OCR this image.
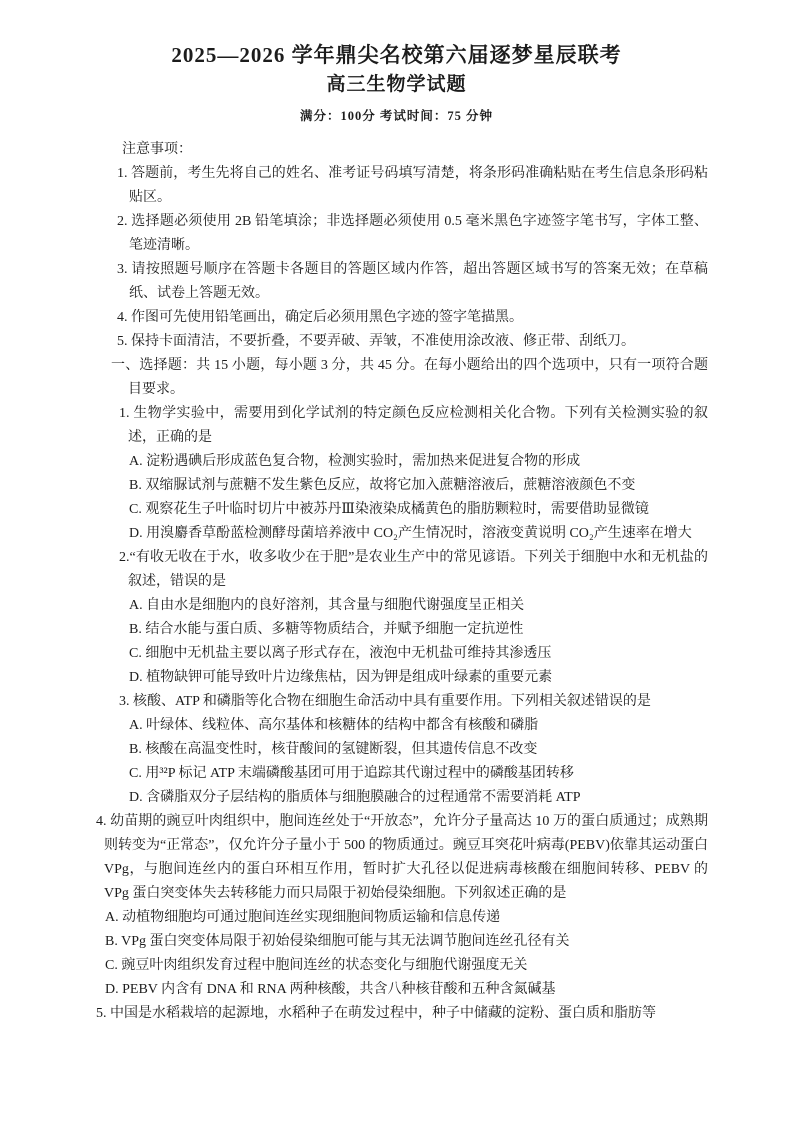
2025—2026 学年鼎尖名校第六届逐梦星辰联考
高三生物学试题
满分：100分 考试时间：75 分钟

注意事项：

1. 答题前，考生先将自己的姓名、准考证号码填写清楚，将条形码准确粘贴在考生信息条形码粘贴区。

2. 选择题必须使用 2B 铅笔填涂；非选择题必须使用 0.5 毫米黑色字迹签字笔书写，字体工整、笔迹清晰。

3. 请按照题号顺序在答题卡各题目的答题区域内作答，超出答题区域书写的答案无效；在草稿纸、试卷上答题无效。

4. 作图可先使用铅笔画出，确定后必须用黑色字迹的签字笔描黑。

5. 保持卡面清洁，不要折叠，不要弄破、弄皱，不准使用涂改液、修正带、刮纸刀。

一、选择题：共 15 小题，每小题 3 分，共 45 分。在每小题给出的四个选项中，只有一项符合题目要求。

1. 生物学实验中，需要用到化学试剂的特定颜色反应检测相关化合物。下列有关检测实验的叙述，正确的是

A. 淀粉遇碘后形成蓝色复合物，检测实验时，需加热来促进复合物的形成

B. 双缩脲试剂与蔗糖不发生紫色反应，故将它加入蔗糖溶液后，蔗糖溶液颜色不变

C. 观察花生子叶临时切片中被苏丹Ⅲ染液染成橘黄色的脂肪颗粒时，需要借助显微镜

D. 用溴麝香草酚蓝检测酵母菌培养液中 CO₂产生情况时，溶液变黄说明 CO₂产生速率在增大

2.“有收无收在于水，收多收少在于肥”是农业生产中的常见谚语。下列关于细胞中水和无机盐的叙述，错误的是

A. 自由水是细胞内的良好溶剂，其含量与细胞代谢强度呈正相关

B. 结合水能与蛋白质、多糖等物质结合，并赋予细胞一定抗逆性

C. 细胞中无机盐主要以离子形式存在，液泡中无机盐可维持其渗透压

D. 植物缺钾可能导致叶片边缘焦枯，因为钾是组成叶绿素的重要元素

3. 核酸、ATP 和磷脂等化合物在细胞生命活动中具有重要作用。下列相关叙述错误的是

A. 叶绿体、线粒体、高尔基体和核糖体的结构中都含有核酸和磷脂

B. 核酸在高温变性时，核苷酸间的氢键断裂，但其遗传信息不改变

C. 用³²P 标记 ATP 末端磷酸基团可用于追踪其代谢过程中的磷酸基团转移

D. 含磷脂双分子层结构的脂质体与细胞膜融合的过程通常不需要消耗 ATP

4. 幼苗期的豌豆叶肉组织中，胞间连丝处于“开放态”，允许分子量高达 10 万的蛋白质通过；成熟期则转变为“正常态”，仅允许分子量小于 500 的物质通过。豌豆耳突花叶病毒(PEBV)依靠其运动蛋白 VPg，与胞间连丝内的蛋白环相互作用，暂时扩大孔径以促进病毒核酸在细胞间转移、PEBV 的 VPg 蛋白突变体失去转移能力而只局限于初始侵染细胞。下列叙述正确的是

A. 动植物细胞均可通过胞间连丝实现细胞间物质运输和信息传递

B. VPg 蛋白突变体局限于初始侵染细胞可能与其无法调节胞间连丝孔径有关

C. 豌豆叶肉组织发育过程中胞间连丝的状态变化与细胞代谢强度无关

D. PEBV 内含有 DNA 和 RNA 两种核酸，共含八种核苷酸和五种含氮碱基

5. 中国是水稻栽培的起源地，水稻种子在萌发过程中，种子中储藏的淀粉、蛋白质和脂肪等
